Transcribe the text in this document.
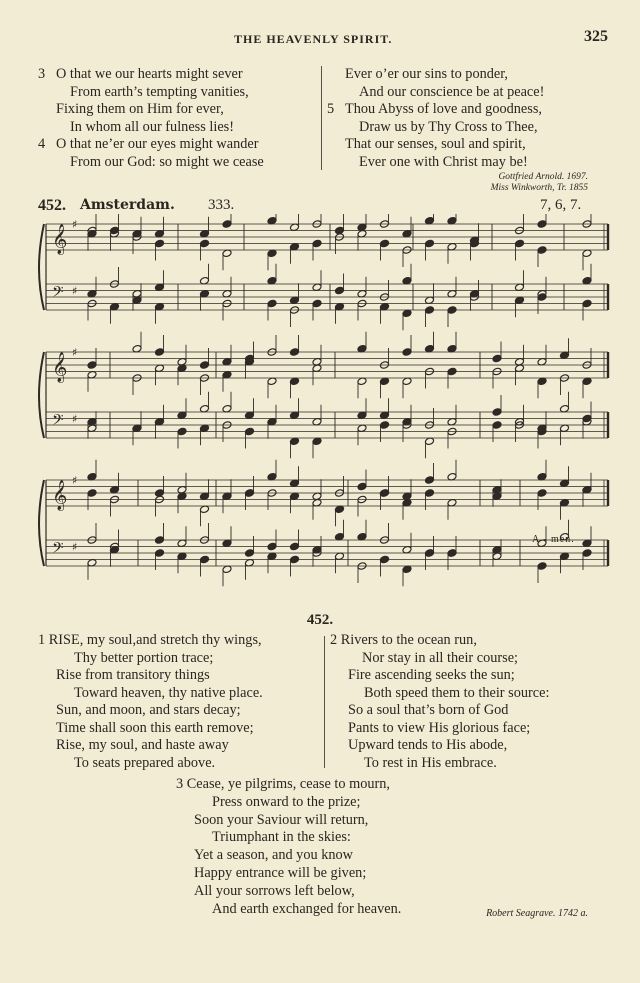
THE HEAVENLY SPIRIT.	325
3 O that we our hearts might sever
From earth’s tempting vanities,
Fixing them on Him for ever,
In whom all our fulness lies!
4 O that ne’er our eyes might wander
From our God: so might we cease
Ever o’er our sins to ponder,
And our conscience be at peace!
5 Thou Abyss of love and goodness,
Draw us by Thy Cross to Thee,
That our senses, soul and spirit,
Ever one with Christ may be!
Gottfried Arnold. 1697.
Miss Winkworth, Tr. 1855
452. Amsterdam. 333.	7, 6, 7.
𝄞 ♯
𝄢 ♯
𝄞 ♯
𝄢 ♯
𝄞 ♯
𝄢 ♯
A - men.
452.
1 RISE, my soul,and stretch thy wings,
Thy better portion trace;
Rise from transitory things
Toward heaven, thy native place.
Sun, and moon, and stars decay;
Time shall soon this earth remove;
Rise, my soul, and haste away
To seats prepared above.
2 Rivers to the ocean run,
Nor stay in all their course;
Fire ascending seeks the sun;
Both speed them to their source:
So a soul that’s born of God
Pants to view His glorious face;
Upward tends to His abode,
To rest in His embrace.
3 Cease, ye pilgrims, cease to mourn,
Press onward to the prize;
Soon your Saviour will return,
Triumphant in the skies:
Yet a season, and you know
Happy entrance will be given;
All your sorrows left below,
And earth exchanged for heaven.	Robert Seagrave. 1742 a.
